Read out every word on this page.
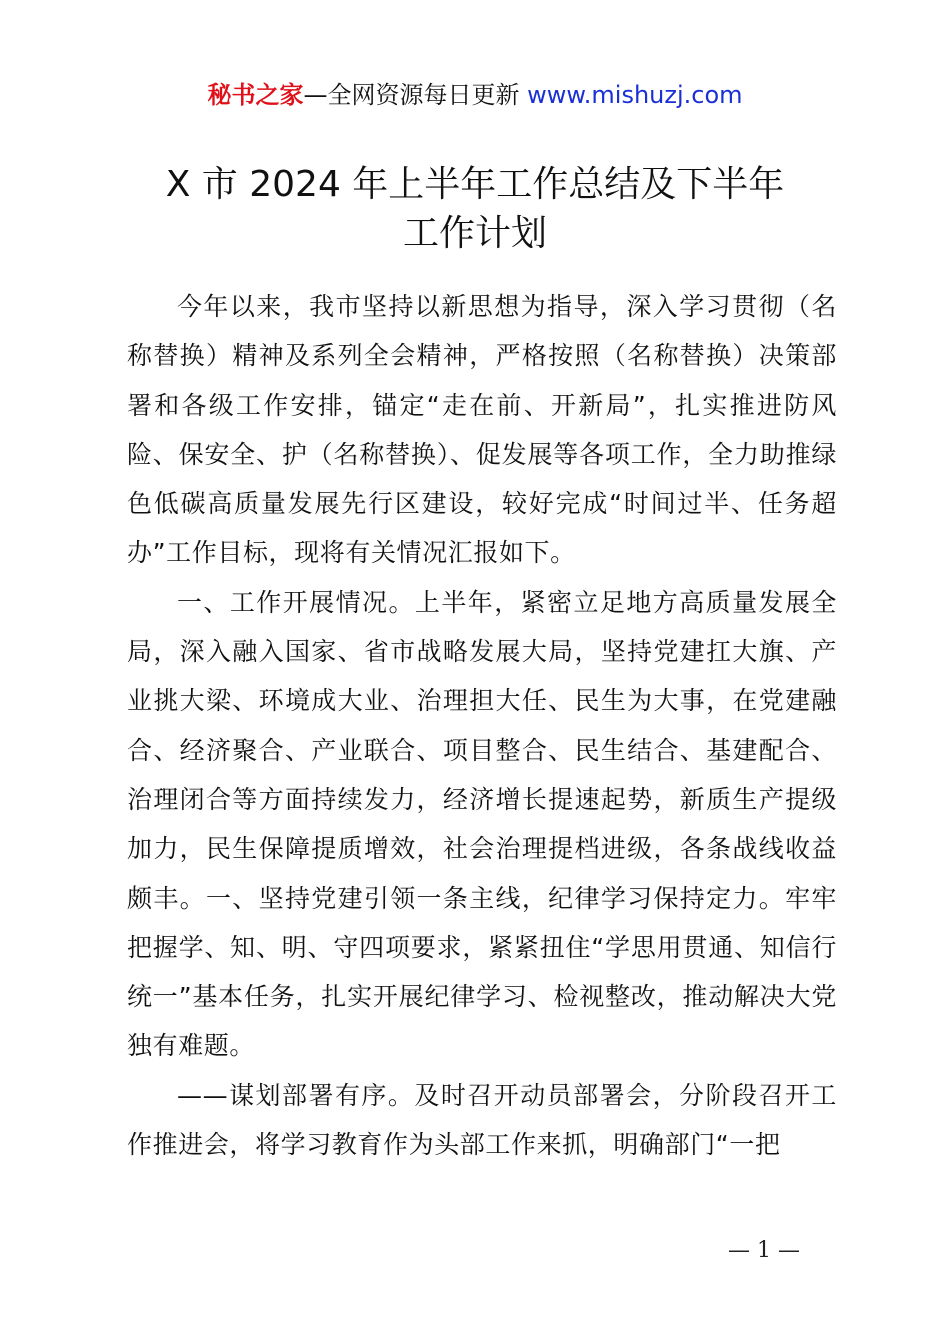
秘书之家—全网资源每日更新 www.mishuzj.com
X 市 2024 年上半年工作总结及下半年
工作计划

今年以来，我市坚持以新思想为指导，深入学习贯彻（名称替换）精神及系列全会精神，严格按照（名称替换）决策部署和各级工作安排，锚定“走在前、开新局”，扎实推进防风险、保安全、护（名称替换）、促发展等各项工作，全力助推绿色低碳高质量发展先行区建设，较好完成“时间过半、任务超办”工作目标，现将有关情况汇报如下。

一、工作开展情况。上半年，紧密立足地方高质量发展全局，深入融入国家、省市战略发展大局，坚持党建扛大旗、产业挑大梁、环境成大业、治理担大任、民生为大事，在党建融合、经济聚合、产业联合、项目整合、民生结合、基建配合、治理闭合等方面持续发力，经济增长提速起势，新质生产提级加力，民生保障提质增效，社会治理提档进级，各条战线收益颇丰。一、坚持党建引领一条主线，纪律学习保持定力。牢牢把握学、知、明、守四项要求，紧紧扭住“学思用贯通、知信行统一”基本任务，扎实开展纪律学习、检视整改，推动解决大党独有难题。

——谋划部署有序。及时召开动员部署会，分阶段召开工作推进会，将学习教育作为头部工作来抓，明确部门“一把

— 1 —
